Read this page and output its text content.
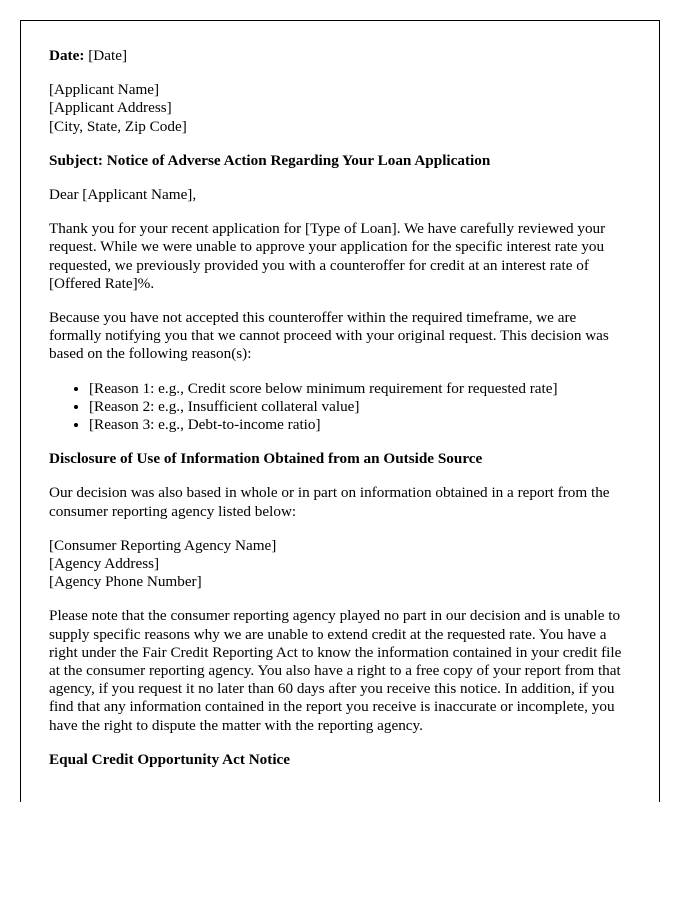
Date: [Date]

[Applicant Name]
[Applicant Address]
[City, State, Zip Code]

Subject: Notice of Adverse Action Regarding Your Loan Application

Dear [Applicant Name],

Thank you for your recent application for [Type of Loan]. We have carefully reviewed your request. While we were unable to approve your application for the specific interest rate you requested, we previously provided you with a counteroffer for credit at an interest rate of [Offered Rate]%.

Because you have not accepted this counteroffer within the required timeframe, we are formally notifying you that we cannot proceed with your original request. This decision was based on the following reason(s):

• [Reason 1: e.g., Credit score below minimum requirement for requested rate]
• [Reason 2: e.g., Insufficient collateral value]
• [Reason 3: e.g., Debt-to-income ratio]

Disclosure of Use of Information Obtained from an Outside Source

Our decision was also based in whole or in part on information obtained in a report from the consumer reporting agency listed below:

[Consumer Reporting Agency Name]
[Agency Address]
[Agency Phone Number]

Please note that the consumer reporting agency played no part in our decision and is unable to supply specific reasons why we are unable to extend credit at the requested rate. You have a right under the Fair Credit Reporting Act to know the information contained in your credit file at the consumer reporting agency. You also have a right to a free copy of your report from that agency, if you request it no later than 60 days after you receive this notice. In addition, if you find that any information contained in the report you receive is inaccurate or incomplete, you have the right to dispute the matter with the reporting agency.

Equal Credit Opportunity Act Notice
